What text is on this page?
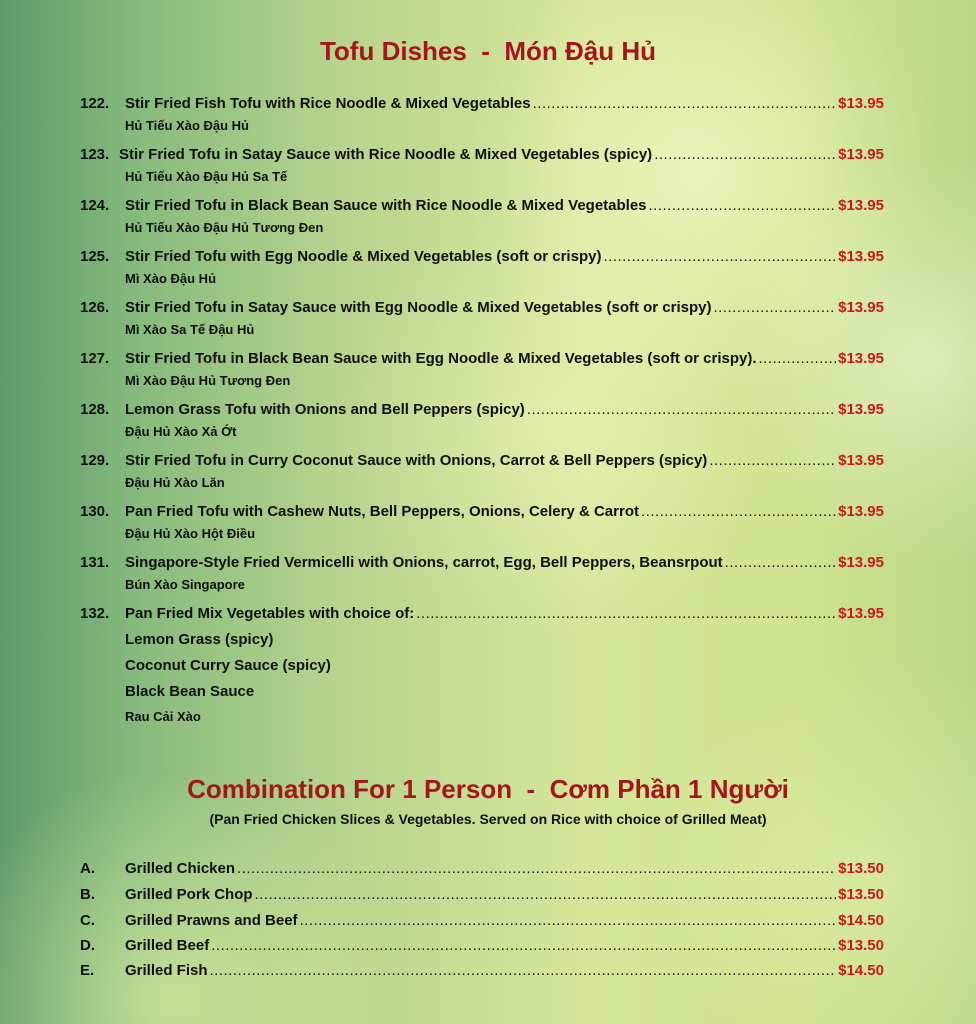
Tofu Dishes  -  Món Đậu Hủ
122.	Stir Fried Fish Tofu with Rice Noodle & Mixed Vegetables .....	$13.95
Hủ Tiếu Xào Đậu Hủ
123. Stir Fried Tofu in Satay Sauce with Rice Noodle & Mixed Vegetables (spicy) .....	$13.95
Hủ Tiếu Xào Đậu Hủ Sa Tế
124.	Stir Fried Tofu in Black Bean Sauce with Rice Noodle & Mixed Vegetables .....	$13.95
Hủ Tiếu Xào Đậu Hủ Tương Đen
125.	Stir Fried Tofu with Egg Noodle & Mixed Vegetables (soft or crispy) .....	$13.95
Mì Xào Đậu Hủ
126.	Stir Fried Tofu in Satay Sauce with Egg Noodle & Mixed Vegetables (soft or crispy) .....	$13.95
Mì Xào Sa Tế Đậu Hủ
127.	Stir Fried Tofu in Black Bean Sauce with Egg Noodle & Mixed Vegetables (soft or crispy). .....	$13.95
Mì Xào Đậu Hủ Tương Đen
128.	Lemon Grass Tofu with Onions and Bell Peppers (spicy) .....	$13.95
Đậu Hủ Xào Xả Ớt
129.	Stir Fried Tofu in Curry Coconut Sauce with Onions, Carrot & Bell Peppers (spicy) .....	$13.95
Đậu Hủ Xào Lăn
130.	Pan Fried Tofu with Cashew Nuts, Bell Peppers, Onions, Celery & Carrot .....	$13.95
Đậu Hủ Xào Hột Điều
131.	Singapore-Style Fried Vermicelli with Onions, carrot, Egg, Bell Peppers, Beansrpout .....	$13.95
Bún Xào Singapore
132.	Pan Fried Mix Vegetables with choice of: .....	$13.95
Lemon Grass (spicy)
Coconut Curry Sauce (spicy)
Black Bean Sauce
Rau Cải Xào
Combination For 1 Person  -  Cơm Phần 1 Người

(Pan Fried Chicken Slices & Vegetables. Served on Rice with choice of Grilled Meat)

A.	Grilled Chicken .....	$13.50
B.	Grilled Pork Chop .....	$13.50
C.	Grilled Prawns and Beef .....	$14.50
D.	Grilled Beef .....	$13.50
E.	Grilled Fish .....	$14.50
